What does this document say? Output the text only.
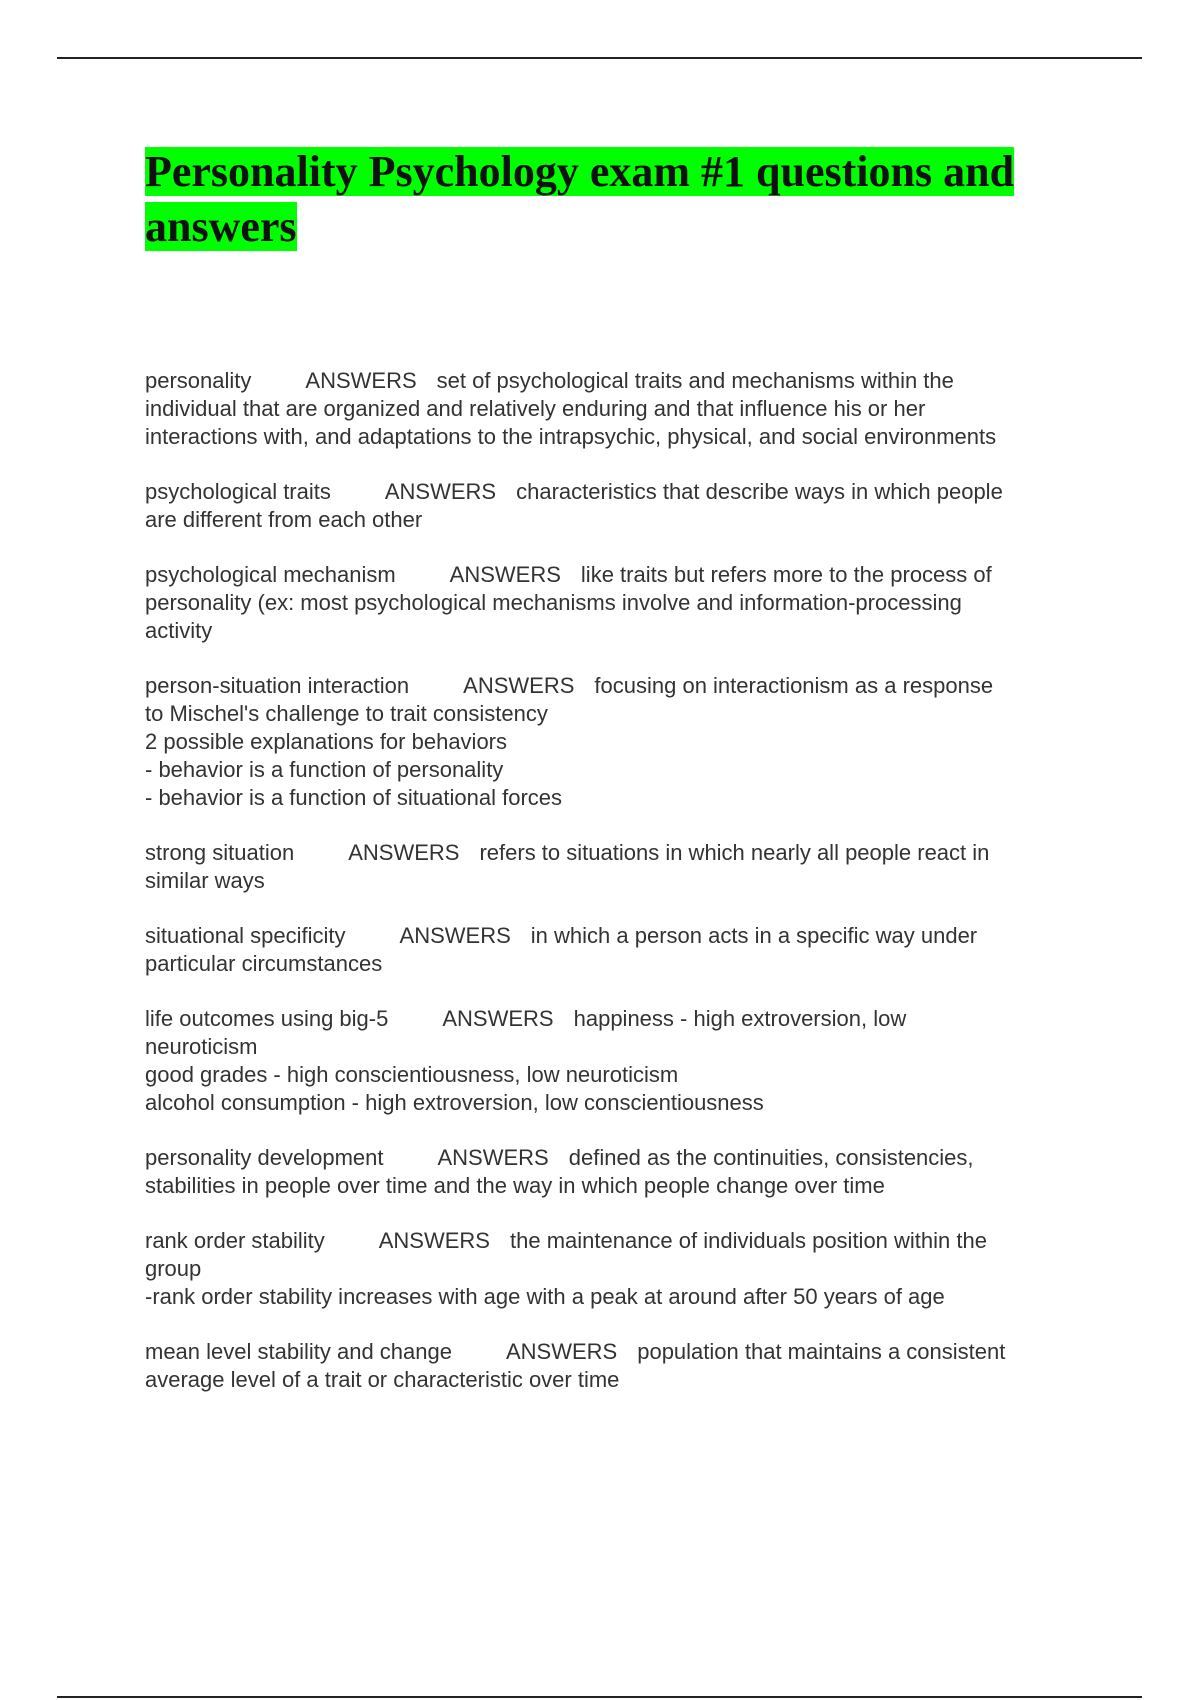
Personality Psychology exam #1 questions and answers
personality ANSWERS set of psychological traits and mechanisms within the
individual that are organized and relatively enduring and that influence his or her
interactions with, and adaptations to the intrapsychic, physical, and social environments
psychological traits ANSWERS characteristics that describe ways in which people
are different from each other
psychological mechanism ANSWERS like traits but refers more to the process of
personality (ex: most psychological mechanisms involve and information-processing
activity
person-situation interaction ANSWERS focusing on interactionism as a response
to Mischel's challenge to trait consistency
2 possible explanations for behaviors
- behavior is a function of personality
- behavior is a function of situational forces
strong situation ANSWERS refers to situations in which nearly all people react in
similar ways
situational specificity ANSWERS in which a person acts in a specific way under
particular circumstances
life outcomes using big-5 ANSWERS happiness - high extroversion, low
neuroticism
good grades - high conscientiousness, low neuroticism
alcohol consumption - high extroversion, low conscientiousness
personality development ANSWERS defined as the continuities, consistencies,
stabilities in people over time and the way in which people change over time
rank order stability ANSWERS the maintenance of individuals position within the
group
-rank order stability increases with age with a peak at around after 50 years of age
mean level stability and change ANSWERS population that maintains a consistent
average level of a trait or characteristic over time
